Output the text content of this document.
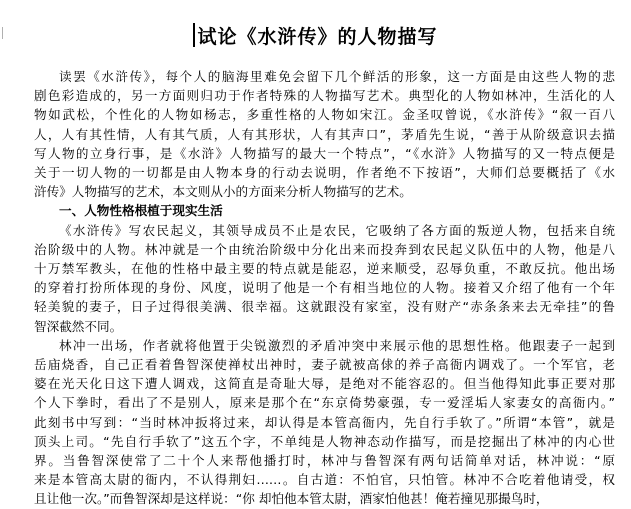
试论《水浒传》的人物描写
读罢《水浒传》，每个人的脑海里难免会留下几个鲜活的形象，这一方面是由这些人物的悲
剧色彩造成的，另一方面则归功于作者特殊的人物描写艺术。典型化的人物如林冲，生活化的人
物如武松，个性化的人物如杨志，多重性格的人物如宋江。金圣叹曾说，《水浒传》“叙一百八
人，人有其性情，人有其气质，人有其形状，人有其声口”，茅盾先生说，“善于从阶级意识去描
写人物的立身行事，是《水浒》人物描写的最大一个特点”，“《水浒》人物描写的又一特点便是
关于一切人物的一切都是由人物本身的行动去说明，作者绝不下按语”，大师们总要概括了《水
浒传》人物描写的艺术，本文则从小的方面来分析人物描写的艺术。
一、人物性格根植于现实生活
《水浒传》写农民起义，其领导成员不止是农民，它吸纳了各方面的叛逆人物，包括来自统
治阶级中的人物。林冲就是一个由统治阶级中分化出来而投奔到农民起义队伍中的人物，他是八
十万禁军教头，在他的性格中最主要的特点就是能忍，逆来顺受，忍辱负重，不敢反抗。他出场
的穿着打扮所体现的身份、风度，说明了他是一个有相当地位的人物。接着又介绍了他有一个年
轻美貌的妻子，日子过得很美满、很幸福。这就跟没有家室，没有财产“赤条条来去无牵挂”的鲁
智深截然不同。
林冲一出场，作者就将他置于尖锐激烈的矛盾冲突中来展示他的思想性格。他跟妻子一起到
岳庙烧香，自己正看着鲁智深使禅杖出神时，妻子就被高俅的养子高衙内调戏了。一个军官，老
婆在光天化日这下遭人调戏，这简直是奇耻大辱，是绝对不能容忍的。但当他得知此事正要对那
个人下拳时，看出了不是别人，原来是那个在“东京倚势豪强，专一爱淫垢人家妻女的高衙内。”
此刻书中写到：“当时林冲扳将过来，却认得是本管高衙内，先自行手软了。”所谓“本管”，就是
顶头上司。“先自行手软了”这五个字，不单纯是人物神态动作描写，而是挖掘出了林冲的内心世
界。当鲁智深使常了二十个人来帮他播打时，林冲与鲁智深有两句话简单对话，林冲说：“原
来是本管高太尉的衙内，不认得荆妇……。自古道：不怕官，只怕管。林冲不合吃着他请受，权
且让他一次。”而鲁智深却是这样说：“你 却怕他本管太尉，酒家怕他甚！俺若撞见那撮鸟时，
